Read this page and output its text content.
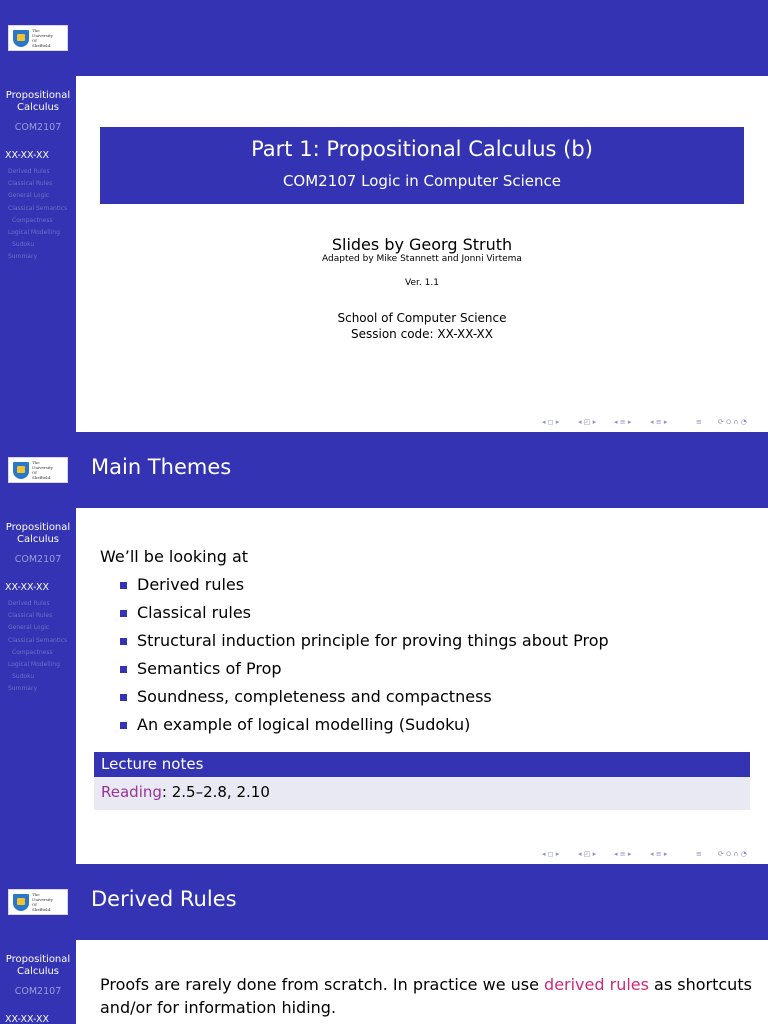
The
University
Of
Sheffield.
Propositional
Calculus
COM2107
XX-XX-XX
Derived Rules
Classical Rules
General Logic
Classical Semantics
Compactness
Logical Modelling
Sudoku
Summary
Part 1: Propositional Calculus (b)
COM2107 Logic in Computer Science
Slides by Georg Struth
Adapted by Mike Stannett and Jonni Virtema
Ver. 1.1
School of Computer Science
Session code: XX-XX-XX
◂ ◻ ▸	◂ ◰ ▸	◂ ≡ ▸	◂ ≡ ▸	≡ ⟳ ୦ ∩ ◔
The
University
Of
Sheffield. Main Themes
Propositional
Calculus
COM2107
XX-XX-XX
Derived Rules
Classical Rules
General Logic
Classical Semantics
Compactness
Logical Modelling
Sudoku
Summary
We’ll be looking at
Derived rules
Classical rules
Structural induction principle for proving things about Prop
Semantics of Prop
Soundness, completeness and compactness
An example of logical modelling (Sudoku)
Lecture notes
Reading: 2.5–2.8, 2.10
◂ ◻ ▸	◂ ◰ ▸	◂ ≡ ▸	◂ ≡ ▸	≡ ⟳ ୦ ∩ ◔
The
University
Of
Sheffield. Derived Rules
Propositional
Calculus
COM2107
XX-XX-XX
Proofs are rarely done from scratch. In practice we use derived rules as shortcuts
and/or for information hiding.
